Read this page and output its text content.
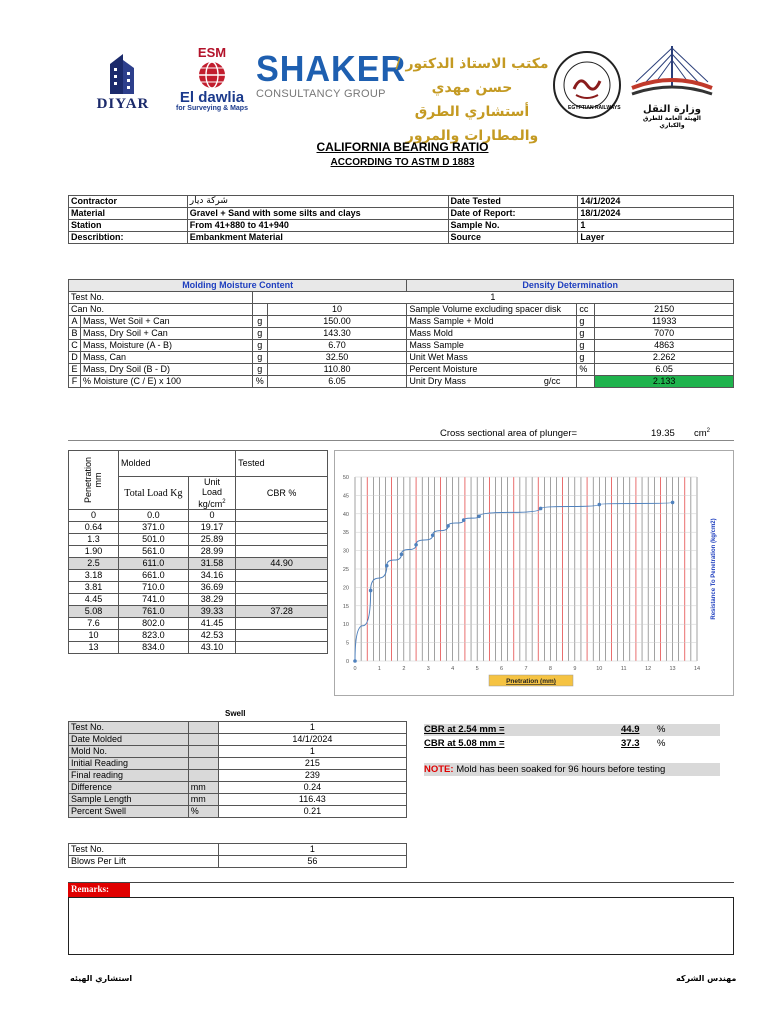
DIYAR
ESM
El dawlia
for Surveying & Maps
SHAKER
CONSULTANCY GROUP
مكتب الاستاذ الدكتور / حسن مهدي
أستشاري الطرق والمطارات والمرور
EGYPTIAN RAILWAYS	وزارة النقل
الهيئة العامة للطرق والكباري
CALIFORNIA BEARING RATIO
ACCORDING TO ASTM D 1883
Contractor	شركة ديار	Date Tested	14/1/2024
Material	Gravel + Sand with some silts and clays	Date of Report:	18/1/2024
Station	From 41+880 to 41+940	Sample No.	1
Describtion:	Embankment Material	Source	Layer
Molding Moisture Content				Density Determination		
Test No.		1				
Can No.			10	Sample Volume excluding spacer disk	cc	2150
A	Mass, Wet Soil + Can	g	150.00	Mass Sample + Mold	g	11933
B	Mass, Dry Soil + Can	g	143.30	Mass Mold	g	7070
C	Mass, Moisture (A - B)	g	6.70	Mass Sample	g	4863
D	Mass, Can	g	32.50	Unit Wet Mass	g	2.262
E	Mass, Dry Soil (B - D)	g	110.80	Percent Moisture	%	6.05
F	% Moisture (C / E) x 100	%	6.05	Unit Dry Mass g/cc		2.133
Cross sectional area of plunger=	19.35 $cm^2$
Penetration mm	Molded		Tested
	Total Load Kg	Unit
Load
$kg/cm^2$	CBR %
0	0.0	0	
0.64	371.0	19.17	
1.3	501.0	25.89	
1.90	561.0	28.99	
2.5	611.0	31.58	44.90
3.18	661.0	34.16	
3.81	710.0	36.69	
4.45	741.0	38.29	
5.08	761.0	39.33	37.28
7.6	802.0	41.45	
10	823.0	42.53	
13	834.0	43.10	
0
5
10
15
20
25
30
35
40
45
50
0	1	2	3	4	5	6	7	8	9	10	11	12	13	14
Pnetration (mm)
Resistance To Penetration (kg/cm2)
Swell
Test No.		1
Date Molded		14/1/2024
Mold No.		1
Initial Reading		215
Final reading		239
Difference	mm	0.24
Sample Length	mm	116.43
Percent Swell	%	0.21
Test No.	1
Blows Per Lift	56
CBR at 2.54 mm =	44.9 %
CBR at 5.08 mm =	37.3 %
NOTE: Mold has been soaked for 96 hours before testing
Remarks:
استشاري الهيئه	مهندس الشركه
